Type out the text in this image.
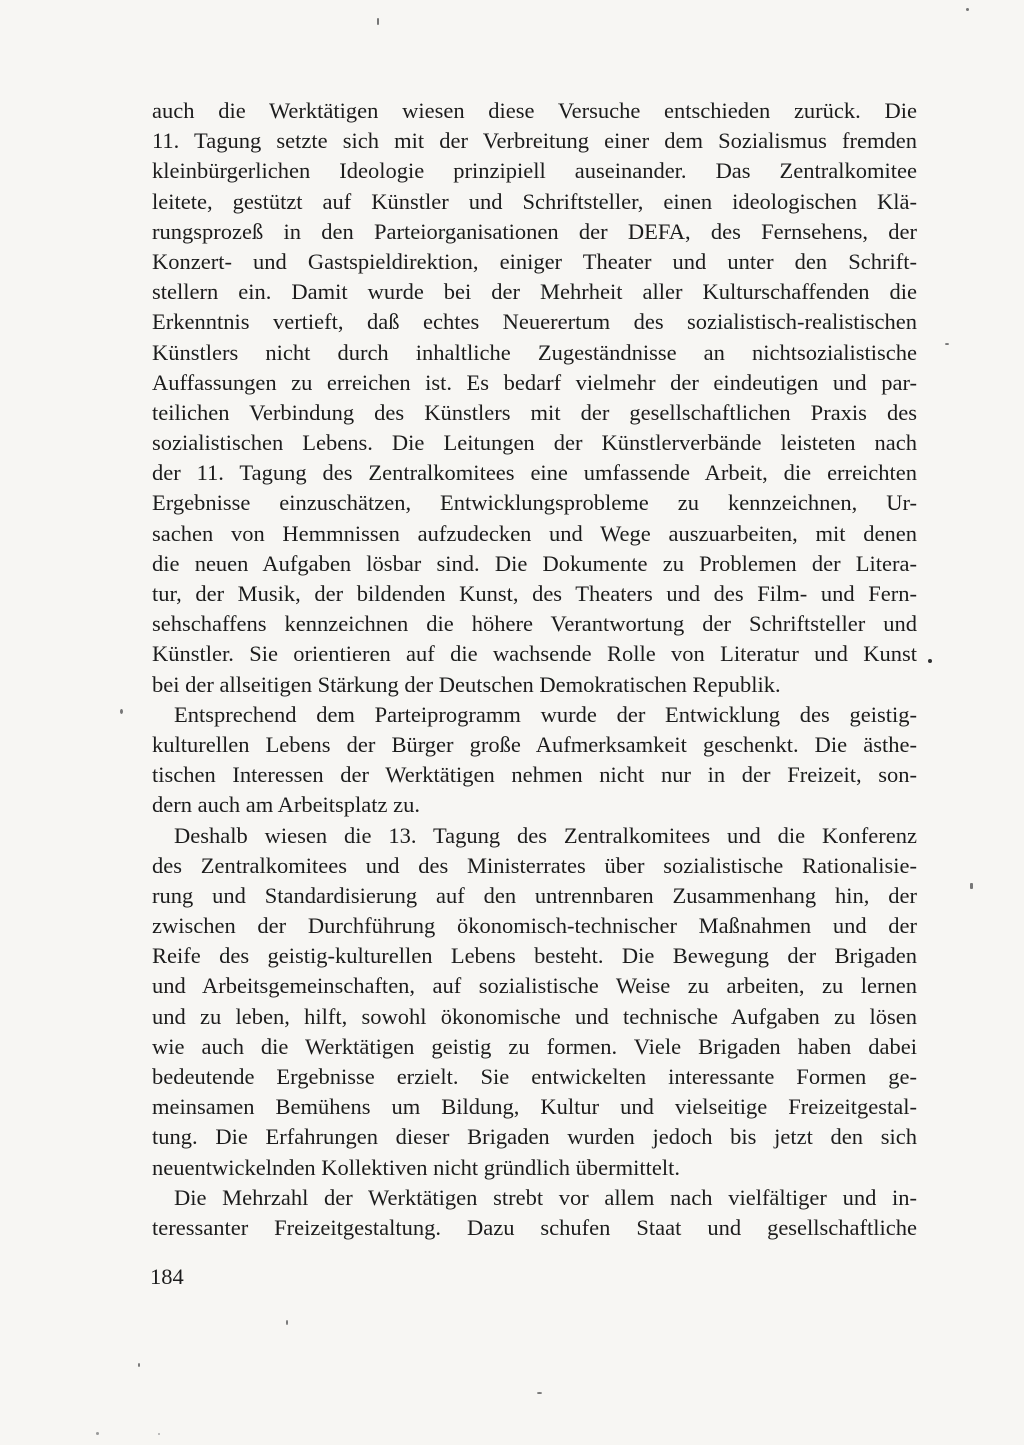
auch die Werktätigen wiesen diese Versuche entschieden zurück. Die
11. Tagung setzte sich mit der Verbreitung einer dem Sozialismus fremden
kleinbürgerlichen Ideologie prinzipiell auseinander. Das Zentralkomitee
leitete, gestützt auf Künstler und Schriftsteller, einen ideologischen Klä-
rungsprozeß in den Parteiorganisationen der DEFA, des Fernsehens, der
Konzert- und Gastspieldirektion, einiger Theater und unter den Schrift-
stellern ein. Damit wurde bei der Mehrheit aller Kulturschaffenden die
Erkenntnis vertieft, daß echtes Neuerertum des sozialistisch-realistischen
Künstlers nicht durch inhaltliche Zugeständnisse an nichtsozialistische
Auffassungen zu erreichen ist. Es bedarf vielmehr der eindeutigen und par-
teilichen Verbindung des Künstlers mit der gesellschaftlichen Praxis des
sozialistischen Lebens. Die Leitungen der Künstlerverbände leisteten nach
der 11. Tagung des Zentralkomitees eine umfassende Arbeit, die erreichten
Ergebnisse einzuschätzen, Entwicklungsprobleme zu kennzeichnen, Ur-
sachen von Hemmnissen aufzudecken und Wege auszuarbeiten, mit denen
die neuen Aufgaben lösbar sind. Die Dokumente zu Problemen der Litera-
tur, der Musik, der bildenden Kunst, des Theaters und des Film- und Fern-
sehschaffens kennzeichnen die höhere Verantwortung der Schriftsteller und
Künstler. Sie orientieren auf die wachsende Rolle von Literatur und Kunst
bei der allseitigen Stärkung der Deutschen Demokratischen Republik.
Entsprechend dem Parteiprogramm wurde der Entwicklung des geistig-
kulturellen Lebens der Bürger große Aufmerksamkeit geschenkt. Die ästhe-
tischen Interessen der Werktätigen nehmen nicht nur in der Freizeit, son-
dern auch am Arbeitsplatz zu.
Deshalb wiesen die 13. Tagung des Zentralkomitees und die Konferenz
des Zentralkomitees und des Ministerrates über sozialistische Rationalisie-
rung und Standardisierung auf den untrennbaren Zusammenhang hin, der
zwischen der Durchführung ökonomisch-technischer Maßnahmen und der
Reife des geistig-kulturellen Lebens besteht. Die Bewegung der Brigaden
und Arbeitsgemeinschaften, auf sozialistische Weise zu arbeiten, zu lernen
und zu leben, hilft, sowohl ökonomische und technische Aufgaben zu lösen
wie auch die Werktätigen geistig zu formen. Viele Brigaden haben dabei
bedeutende Ergebnisse erzielt. Sie entwickelten interessante Formen ge-
meinsamen Bemühens um Bildung, Kultur und vielseitige Freizeitgestal-
tung. Die Erfahrungen dieser Brigaden wurden jedoch bis jetzt den sich
neuentwickelnden Kollektiven nicht gründlich übermittelt.
Die Mehrzahl der Werktätigen strebt vor allem nach vielfältiger und in-
teressanter Freizeitgestaltung. Dazu schufen Staat und gesellschaftliche
184
